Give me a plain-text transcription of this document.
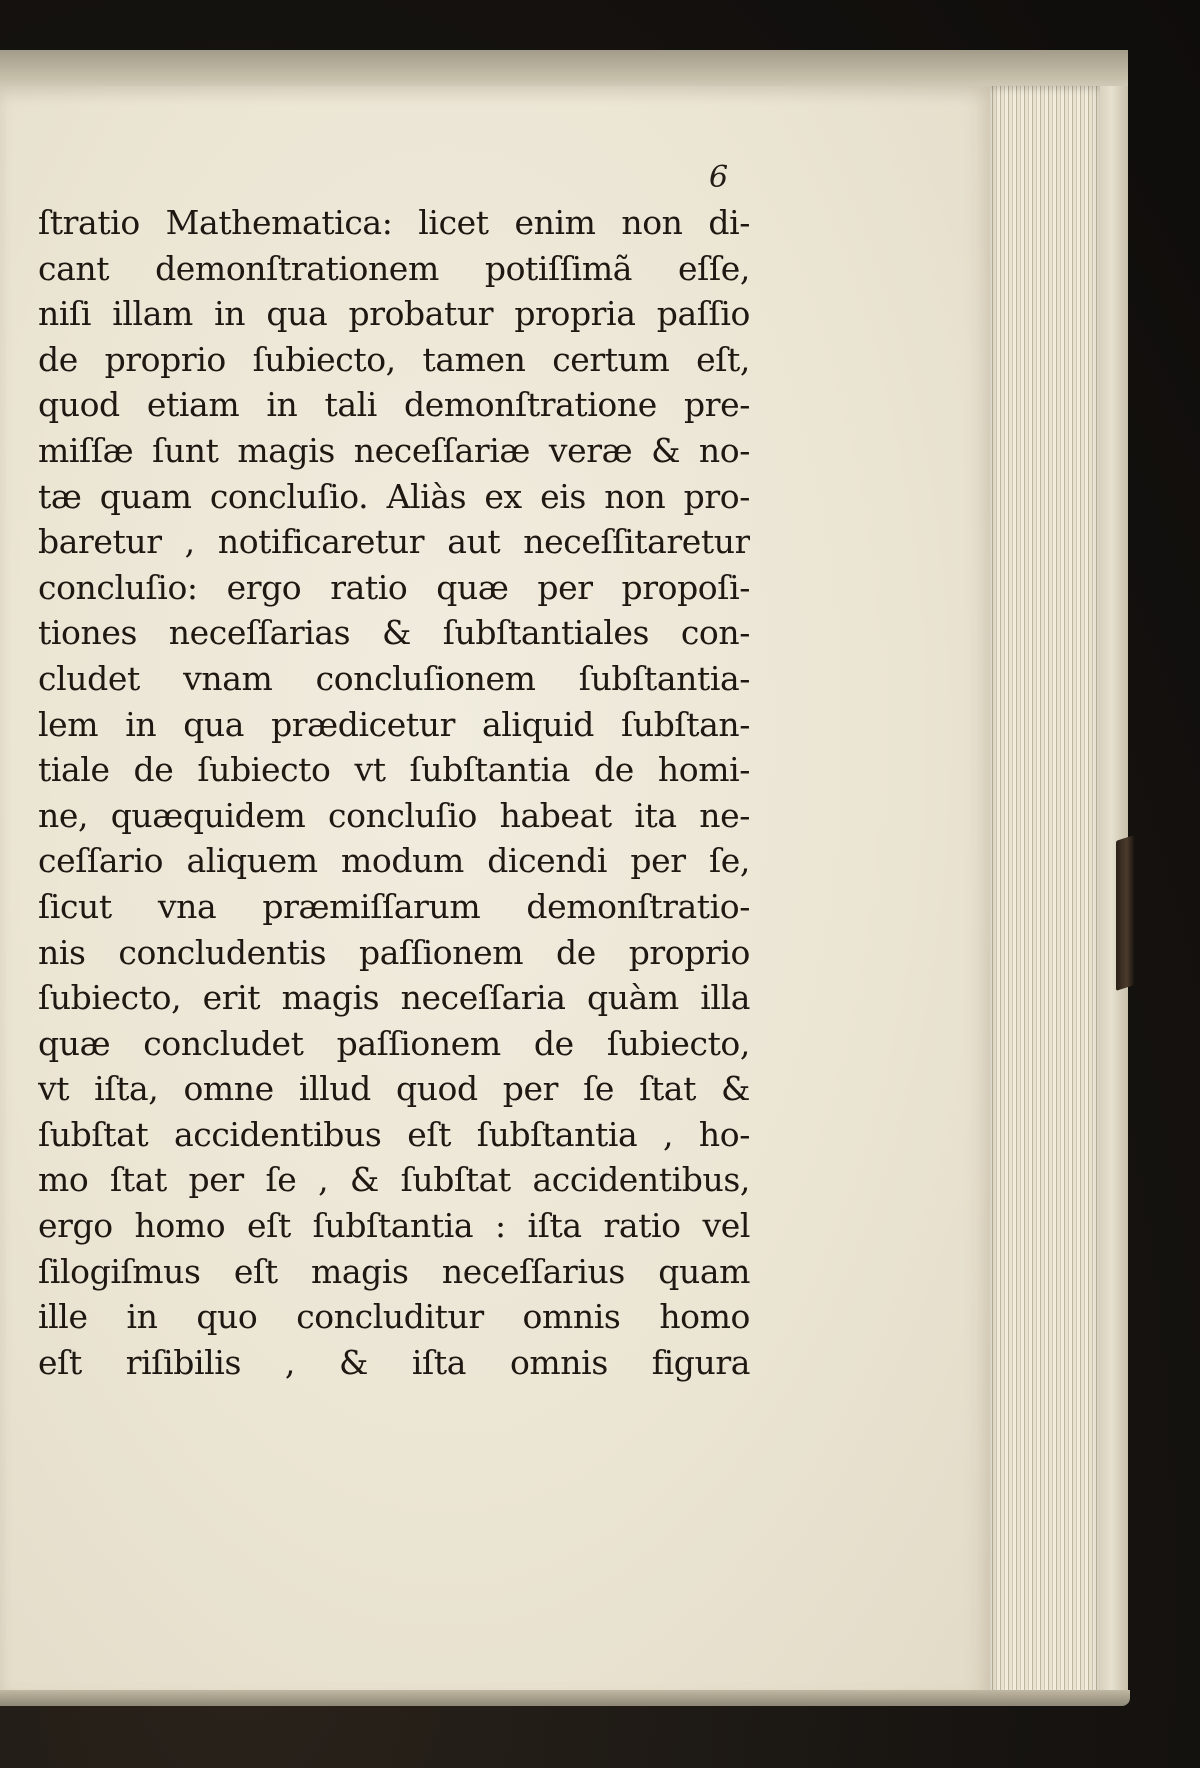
6

ſtratio Mathematica: licet enim non di-
cant demonſtrationem potiſſimã eſſe,
niſi illam in qua probatur propria paſſio
de proprio ſubiecto, tamen certum eſt,
quod etiam in tali demonſtratione pre-
miſſæ ſunt magis neceſſariæ veræ & no-
tæ quam concluſio. Aliàs ex eis non pro-
baretur , notificaretur aut neceſſitaretur
concluſio: ergo ratio quæ per propoſi-
tiones neceſſarias & ſubſtantiales con-
cludet vnam concluſionem ſubſtantia-
lem in qua prædicetur aliquid ſubſtan-
tiale de ſubiecto vt ſubſtantia de homi-
ne, quæquidem concluſio habeat ita ne-
ceſſario aliquem modum dicendi per ſe,
ſicut vna præmiſſarum demonſtratio-
nis concludentis paſſionem de proprio
ſubiecto, erit magis neceſſaria quàm illa
quæ concludet paſſionem de ſubiecto,
vt iſta, omne illud quod per ſe ſtat &
ſubſtat accidentibus eſt ſubſtantia , ho-
mo ſtat per ſe , & ſubſtat accidentibus,
ergo homo eſt ſubſtantia : iſta ratio vel
ſilogiſmus eſt magis neceſſarius quam
ille in quo concluditur omnis homo
eſt riſibilis , & iſta omnis figura
